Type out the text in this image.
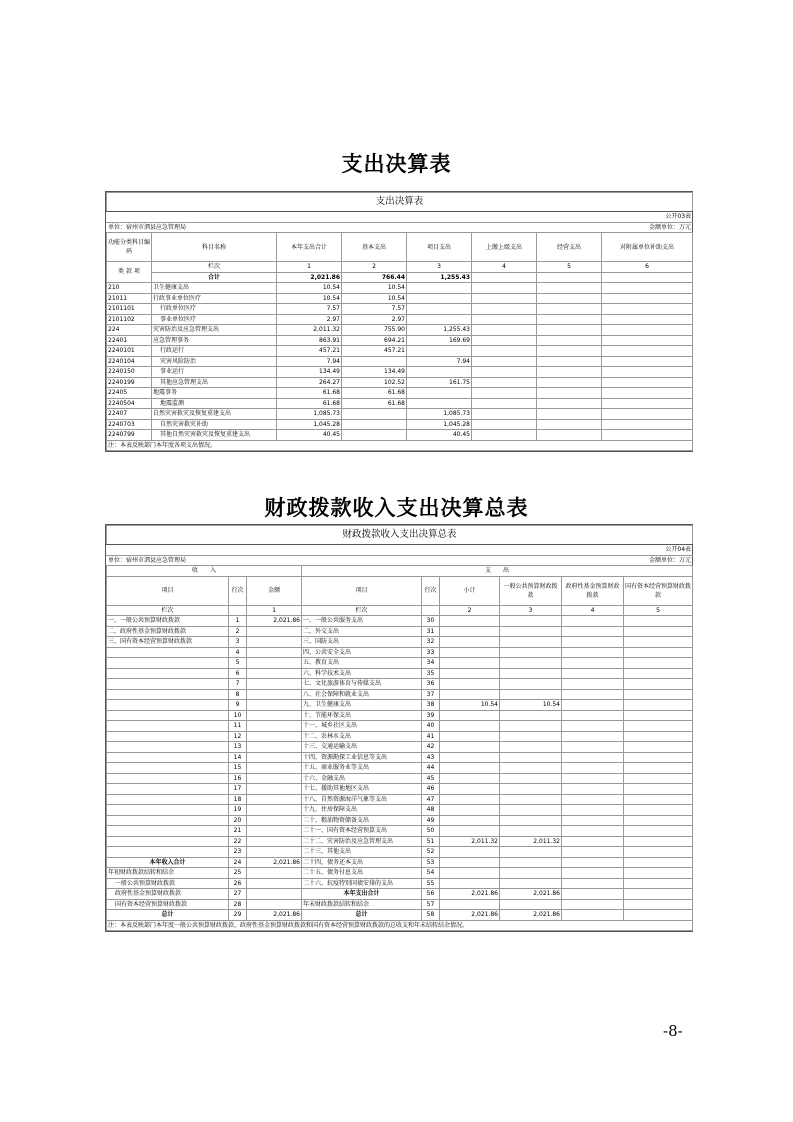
支出决算表
支出决算表							
							公开03表
单位：宿州市泗县应急管理局							金额单位：万元
功能分类科目编码	科目名称	本年支出合计	基本支出	项目支出	上缴上级支出	经营支出	对附属单位补助支出
类 款 项	栏次	1	2	3	4	5	6
	合计	2,021.86	766.44	1,255.43			
210	卫生健康支出	10.54	10.54				
21011	行政事业单位医疗	10.54	10.54				
2101101	行政单位医疗	7.57	7.57				
2101102	事业单位医疗	2.97	2.97				
224	灾害防治及应急管理支出	2,011.32	755.90	1,255.43			
22401	应急管理事务	863.91	694.21	169.69			
2240101	行政运行	457.21	457.21				
2240104	灾害风险防治	7.94		7.94			
2240150	事业运行	134.49	134.49				
2240199	其他应急管理支出	264.27	102.52	161.75			
22405	地震事务	61.68	61.68				
2240504	地震监测	61.68	61.68				
22407	自然灾害救灾及恢复重建支出	1,085.73		1,085.73			
2240703	自然灾害救灾补助	1,045.28		1,045.28			
2240799	其他自然灾害救灾及恢复重建支出	40.45		40.45			
注：本表反映部门本年度各项支出情况。							
财政拨款收入支出决算总表
财政拨款收入支出决算总表								
								公开04表
单位：宿州市泗县应急管理局								金额单位：万元
收　　入			支　　出					
项目	行次	金额	项目	行次	小计	一般公共预算财政拨款	政府性基金预算财政拨款	国有资本经营预算财政拨款
栏次		1	栏次		2	3	4	5
一、一般公共预算财政拨款	1	2,021.86	一、一般公共服务支出	30				
二、政府性基金预算财政拨款	2		二、外交支出	31				
三、国有资本经营预算财政拨款	3		三、国防支出	32				
	4		四、公共安全支出	33				
	5		五、教育支出	34				
	6		六、科学技术支出	35				
	7		七、文化旅游体育与传媒支出	36				
	8		八、社会保障和就业支出	37				
	9		九、卫生健康支出	38	10.54	10.54		
	10		十、节能环保支出	39				
	11		十一、城乡社区支出	40				
	12		十二、农林水支出	41				
	13		十三、交通运输支出	42				
	14		十四、资源勘探工业信息等支出	43				
	15		十五、商业服务业等支出	44				
	16		十六、金融支出	45				
	17		十七、援助其他地区支出	46				
	18		十八、自然资源海洋气象等支出	47				
	19		十九、住房保障支出	48				
	20		二十、粮油物资储备支出	49				
	21		二十一、国有资本经营预算支出	50				
	22		二十二、灾害防治及应急管理支出	51	2,011.32	2,011.32		
	23		二十三、其他支出	52				
本年收入合计	24	2,021.86	二十四、债务还本支出	53				
年初财政拨款结转和结余	25		二十五、债务付息支出	54				
一般公共预算财政拨款	26		二十六、抗疫特别国债安排的支出	55				
政府性基金预算财政拨款	27		本年支出合计	56	2,021.86	2,021.86		
国有资本经营预算财政拨款	28		年末财政拨款结转和结余	57				
总计	29	2,021.86	总计	58	2,021.86	2,021.86		
注：本表反映部门本年度一般公共预算财政拨款、政府性基金预算财政拨款和国有资本经营预算财政拨款的总收支和年末结转结余情况。								
-8-
